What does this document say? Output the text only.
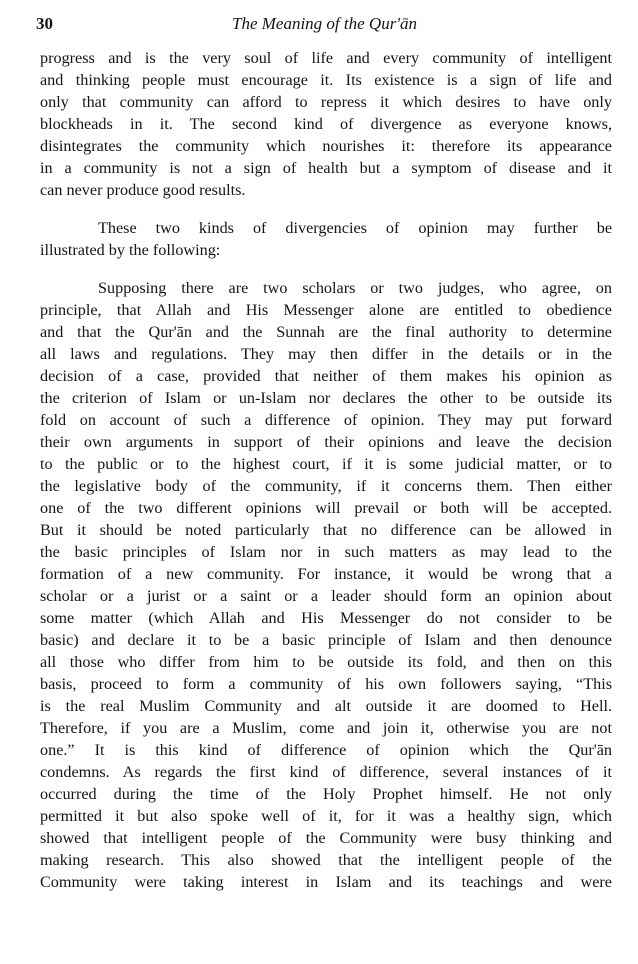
30	The Meaning of the Qur'ān
progress and is the very soul of life and every community of intelligent
and thinking people must encourage it. Its existence is a sign of life and
only that community can afford to repress it which desires to have only
blockheads in it. The second kind of divergence as everyone knows,
disintegrates the community which nourishes it: therefore its appearance
in a community is not a sign of health but a symptom of disease and it
can never produce good results.
These two kinds of divergencies of opinion may further be
illustrated by the following:
Supposing there are two scholars or two judges, who agree, on
principle, that Allah and His Messenger alone are entitled to obedience
and that the Qur'ān and the Sunnah are the final authority to determine
all laws and regulations. They may then differ in the details or in the
decision of a case, provided that neither of them makes his opinion as
the criterion of Islam or un-Islam nor declares the other to be outside its
fold on account of such a difference of opinion. They may put forward
their own arguments in support of their opinions and leave the decision
to the public or to the highest court, if it is some judicial matter, or to
the legislative body of the community, if it concerns them. Then either
one of the two different opinions will prevail or both will be accepted.
But it should be noted particularly that no difference can be allowed in
the basic principles of Islam nor in such matters as may lead to the
formation of a new community. For instance, it would be wrong that a
scholar or a jurist or a saint or a leader should form an opinion about
some matter (which Allah and His Messenger do not consider to be
basic) and declare it to be a basic principle of Islam and then denounce
all those who differ from him to be outside its fold, and then on this
basis, proceed to form a community of his own followers saying, “This
is the real Muslim Community and alt outside it are doomed to Hell.
Therefore, if you are a Muslim, come and join it, otherwise you are not
one.” It is this kind of difference of opinion which the Qur'ān
condemns. As regards the first kind of difference, several instances of it
occurred during the time of the Holy Prophet himself. He not only
permitted it but also spoke well of it, for it was a healthy sign, which
showed that intelligent people of the Community were busy thinking and
making research. This also showed that the intelligent people of the
Community were taking interest in Islam and its teachings and were
